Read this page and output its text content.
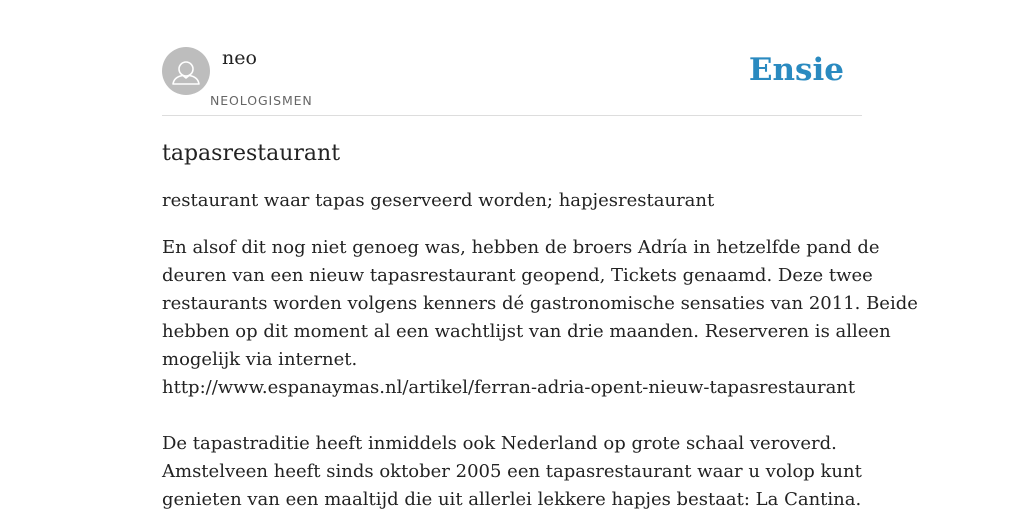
neo
NEOLOGISMEN
Ensie
tapasrestaurant

restaurant waar tapas geserveerd worden; hapjesrestaurant

En alsof dit nog niet genoeg was, hebben de broers Adría in hetzelfde pand de
deuren van een nieuw tapasrestaurant geopend, Tickets genaamd. Deze twee
restaurants worden volgens kenners dé gastronomische sensaties van 2011. Beide
hebben op dit moment al een wachtlijst van drie maanden. Reserveren is alleen
mogelijk via internet.
http://www.espanaymas.nl/artikel/ferran-adria-opent-nieuw-tapasrestaurant
De tapastraditie heeft inmiddels ook Nederland op grote schaal veroverd.
Amstelveen heeft sinds oktober 2005 een tapasrestaurant waar u volop kunt
genieten van een maaltijd die uit allerlei lekkere hapjes bestaat: La Cantina.
